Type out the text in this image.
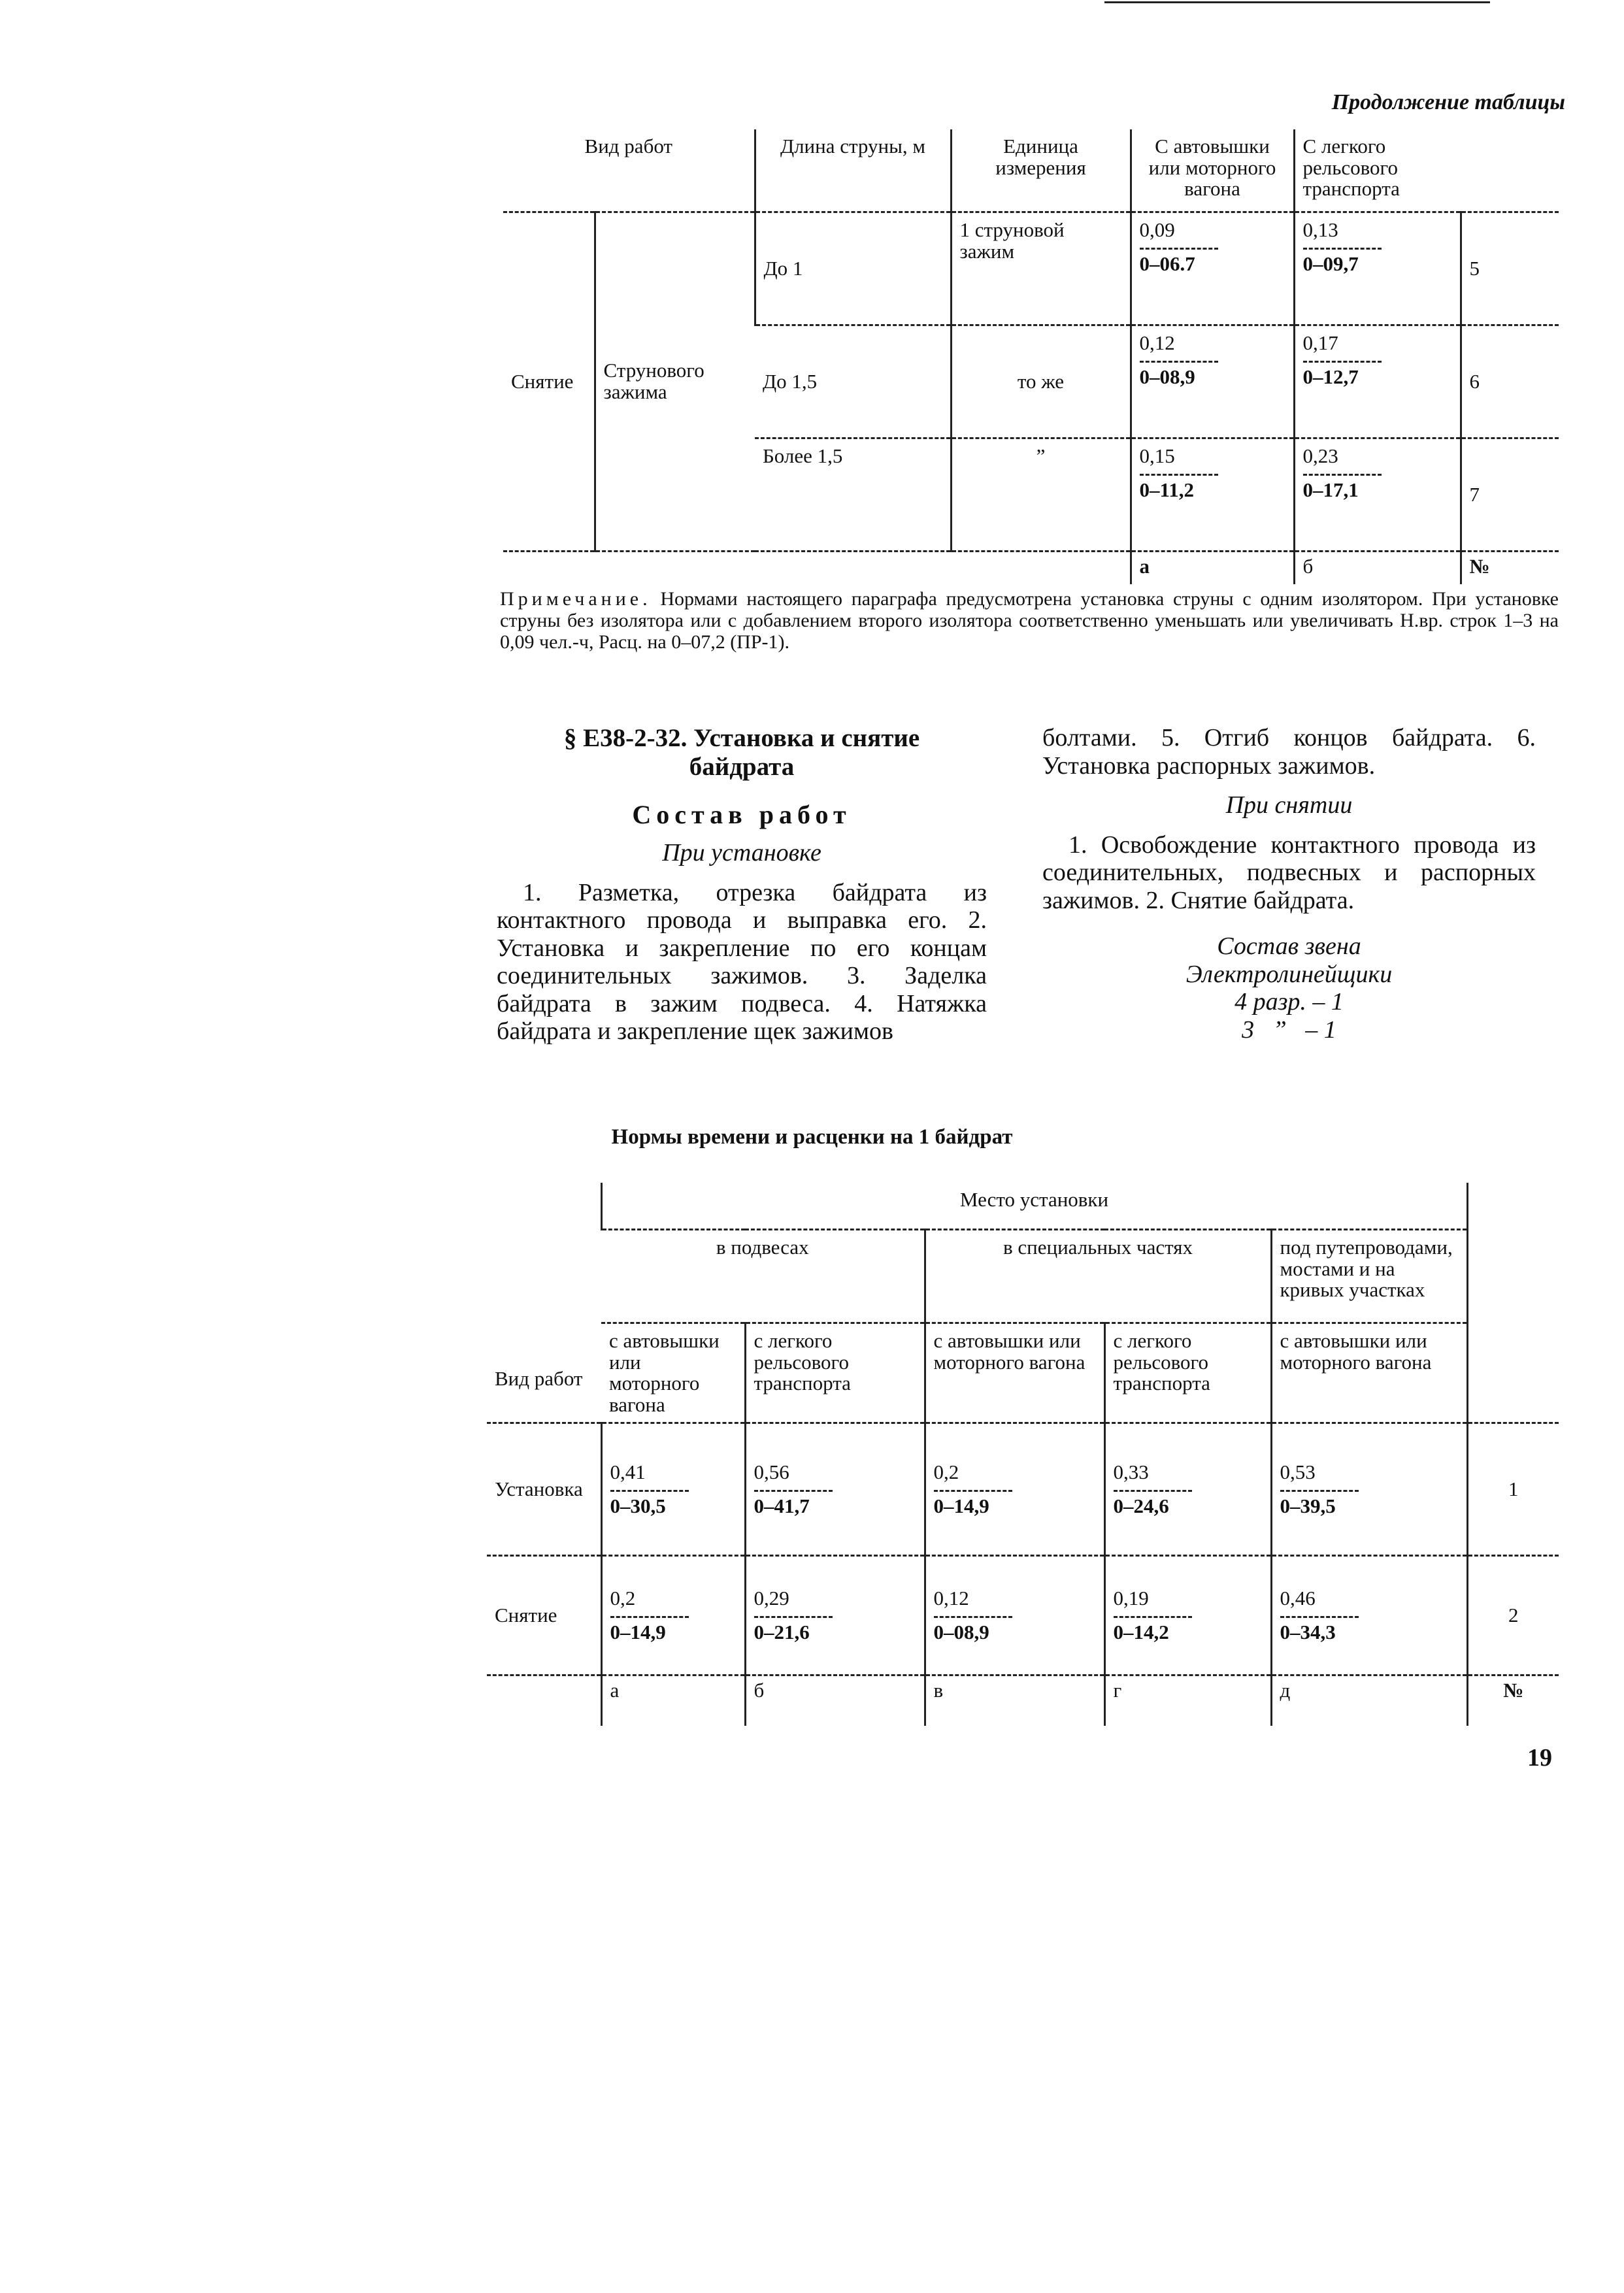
Продолжение таблицы
Вид работ		Длина струны, м	Единица измерения	С автовышки или моторного вагона	С легкого рельсового транспорта	
Снятие	Струнового зажима	До 1	1 струновой зажим	$\frac{0,09}{0-06.7}$	$\frac{0,13}{0-09,7}$	5
		До 1,5	то же	$\frac{0,12}{0-08,9}$	$\frac{0,17}{0-12,7}$	6
		Более 1,5	”	$\frac{0,15}{0-11,2}$	$\frac{0,23}{0-17,1}$	7
				а	б	№
Примечание. Нормами настоящего параграфа предусмотрена установка струны с одним изолятором. При установке струны без изолятора или с добавлением второго изолятора соответственно уменьшать или увеличивать Н.вр. строк 1–3 на 0,09 чел.-ч, Расц. на 0–07,2 (ПР-1).
§ Е38-2-32. Установка и снятие
байдрата
Состав работ
При установке
1. Разметка, отрезка байдрата из контактного провода и выправка его. 2. Установка и закрепление по его концам соединительных зажимов. 3. Заделка байдрата в зажим подвеса. 4. Натяжка байдрата и закрепление щек зажимов
болтами. 5. Отгиб концов байдрата. 6. Установка распорных зажимов.
При снятии
1. Освобождение контактного провода из соединительных, подвесных и распорных зажимов. 2. Снятие байдрата.
Состав звена
Электролинейщики
4 разр. – 1
3   ”   – 1
Нормы времени и расценки на 1 байдрат
Вид работ	Место установки					
	в подвесах		в специальных частях		под путепроводами, мостами и на кривых участках	
	с автовышки или моторного вагона	с легкого рельсового транспорта	с автовышки или моторного вагона	с легкого рельсового транспорта	с автовышки или моторного вагона	
Установка	$\frac{0,41}{0-30,5}$	$\frac{0,56}{0-41,7}$	$\frac{0,2}{0-14,9}$	$\frac{0,33}{0-24,6}$	$\frac{0,53}{0-39,5}$	1
Снятие	$\frac{0,2}{0-14,9}$	$\frac{0,29}{0-21,6}$	$\frac{0,12}{0-08,9}$	$\frac{0,19}{0-14,2}$	$\frac{0,46}{0-34,3}$	2
	а	б	в	г	д	№
19
